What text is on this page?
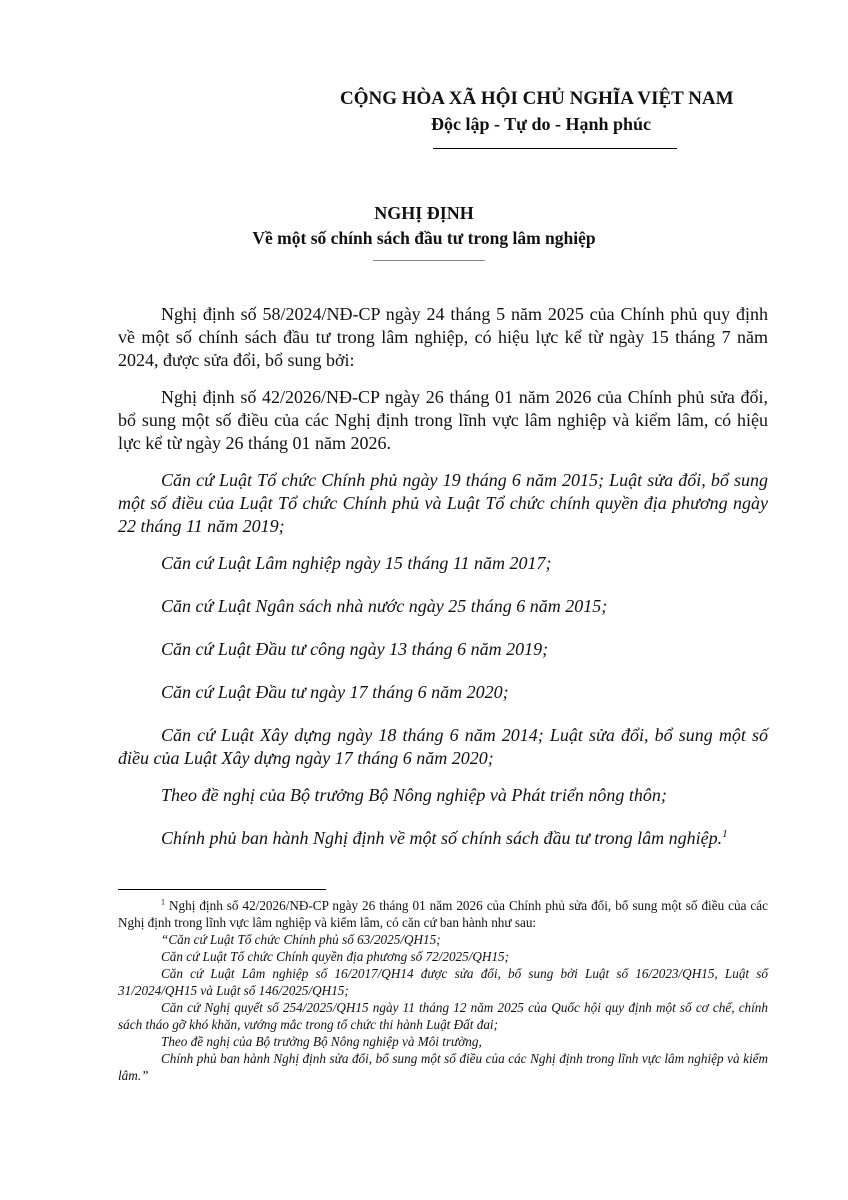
CỘNG HÒA XÃ HỘI CHỦ NGHĨA VIỆT NAM
Độc lập - Tự do - Hạnh phúc
NGHỊ ĐỊNH
Về một số chính sách đầu tư trong lâm nghiệp

Nghị định số 58/2024/NĐ-CP ngày 24 tháng 5 năm 2025 của Chính phủ quy định về một số chính sách đầu tư trong lâm nghiệp, có hiệu lực kể từ ngày 15 tháng 7 năm 2024, được sửa đổi, bổ sung bởi:

Nghị định số 42/2026/NĐ-CP ngày 26 tháng 01 năm 2026 của Chính phủ sửa đổi, bổ sung một số điều của các Nghị định trong lĩnh vực lâm nghiệp và kiểm lâm, có hiệu lực kể từ ngày 26 tháng 01 năm 2026.

Căn cứ Luật Tổ chức Chính phủ ngày 19 tháng 6 năm 2015; Luật sửa đổi, bổ sung một số điều của Luật Tổ chức Chính phủ và Luật Tổ chức chính quyền địa phương ngày 22 tháng 11 năm 2019;

Căn cứ Luật Lâm nghiệp ngày 15 tháng 11 năm 2017;

Căn cứ Luật Ngân sách nhà nước ngày 25 tháng 6 năm 2015;

Căn cứ Luật Đầu tư công ngày 13 tháng 6 năm 2019;

Căn cứ Luật Đầu tư ngày 17 tháng 6 năm 2020;

Căn cứ Luật Xây dựng ngày 18 tháng 6 năm 2014; Luật sửa đổi, bổ sung một số điều của Luật Xây dựng ngày 17 tháng 6 năm 2020;

Theo đề nghị của Bộ trưởng Bộ Nông nghiệp và Phát triển nông thôn;

Chính phủ ban hành Nghị định về một số chính sách đầu tư trong lâm nghiệp.$^1$

$^1$ Nghị định số 42/2026/NĐ-CP ngày 26 tháng 01 năm 2026 của Chính phủ sửa đổi, bổ sung một số điều của các Nghị định trong lĩnh vực lâm nghiệp và kiểm lâm, có căn cứ ban hành như sau:

“Căn cứ Luật Tổ chức Chính phủ số 63/2025/QH15;

Căn cứ Luật Tổ chức Chính quyền địa phương số 72/2025/QH15;

Căn cứ Luật Lâm nghiệp số 16/2017/QH14 được sửa đổi, bổ sung bởi Luật số 16/2023/QH15, Luật số 31/2024/QH15 và Luật số 146/2025/QH15;

Căn cứ Nghị quyết số 254/2025/QH15 ngày 11 tháng 12 năm 2025 của Quốc hội quy định một số cơ chế, chính sách tháo gỡ khó khăn, vướng mắc trong tổ chức thi hành Luật Đất đai;

Theo đề nghị của Bộ trưởng Bộ Nông nghiệp và Môi trường,

Chính phủ ban hành Nghị định sửa đổi, bổ sung một số điều của các Nghị định trong lĩnh vực lâm nghiệp và kiểm lâm.”
